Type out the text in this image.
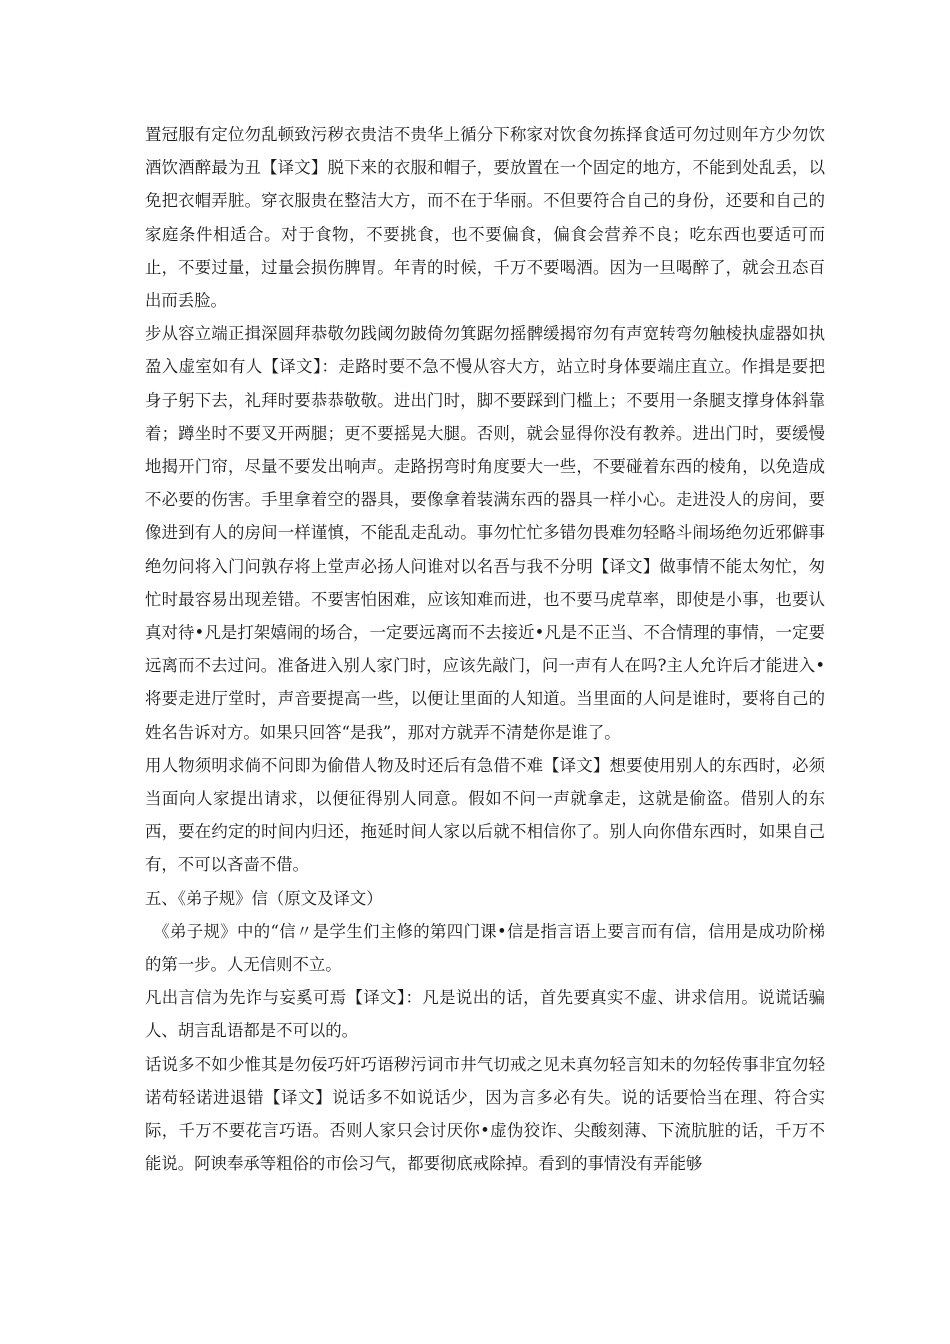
置冠服有定位勿乱顿致污秽衣贵洁不贵华上循分下称家对饮食勿拣择食适可勿过则年方少勿饮酒饮酒醉最为丑【译文】脱下来的衣服和帽子，要放置在一个固定的地方，不能到处乱丢，以免把衣帽弄脏。穿衣服贵在整洁大方，而不在于华丽。不但要符合自己的身份，还要和自己的家庭条件相适合。对于食物，不要挑食，也不要偏食，偏食会营养不良；吃东西也要适可而止，不要过量，过量会损伤脾胃。年青的时候，千万不要喝酒。因为一旦喝醉了，就会丑态百出而丢脸。

步从容立端正揖深圆拜恭敬勿践阈勿跛倚勿箕踞勿摇髀缓揭帘勿有声宽转弯勿触棱执虚器如执盈入虚室如有人【译文】：走路时要不急不慢从容大方，站立时身体要端庄直立。作揖是要把身子躬下去，礼拜时要恭恭敬敬。进出门时，脚不要踩到门槛上；不要用一条腿支撑身体斜靠着；蹲坐时不要叉开两腿；更不要摇晃大腿。否则，就会显得你没有教养。进出门时，要缓慢地揭开门帘，尽量不要发出响声。走路拐弯时角度要大一些，不要碰着东西的棱角，以免造成不必要的伤害。手里拿着空的器具，要像拿着装满东西的器具一样小心。走进没人的房间，要像进到有人的房间一样谨慎，不能乱走乱动。事勿忙忙多错勿畏难勿轻略斗闹场绝勿近邪僻事绝勿问将入门问孰存将上堂声必扬人问谁对以名吾与我不分明【译文】做事情不能太匆忙，匆忙时最容易出现差错。不要害怕困难，应该知难而进，也不要马虎草率，即使是小事，也要认真对待•凡是打架嬉闹的场合，一定要远离而不去接近•凡是不正当、不合情理的事情，一定要远离而不去过问。准备进入别人家门时，应该先敲门，问一声有人在吗?主人允许后才能进入•将要走进厅堂时，声音要提高一些，以便让里面的人知道。当里面的人问是谁时，要将自己的姓名告诉对方。如果只回答“是我”，那对方就弄不清楚你是谁了。

用人物须明求倘不问即为偷借人物及时还后有急借不难【译文】想要使用别人的东西时，必须当面向人家提出请求，以便征得别人同意。假如不问一声就拿走，这就是偷盗。借别人的东西，要在约定的时间内归还，拖延时间人家以后就不相信你了。别人向你借东西时，如果自己有，不可以吝啬不借。

五、《弟子规》信（原文及译文）

《弟子规》中的“信〃是学生们主修的第四门课•信是指言语上要言而有信，信用是成功阶梯的第一步。人无信则不立。

凡出言信为先诈与妄奚可焉【译文】：凡是说出的话，首先要真实不虚、讲求信用。说谎话骗人、胡言乱语都是不可以的。

话说多不如少惟其是勿佞巧奸巧语秽污词市井气切戒之见未真勿轻言知未的勿轻传事非宜勿轻诺苟轻诺进退错【译文】说话多不如说话少，因为言多必有失。说的话要恰当在理、符合实际，千万不要花言巧语。否则人家只会讨厌你•虚伪狡诈、尖酸刻薄、下流肮脏的话，千万不能说。阿谀奉承等粗俗的市侩习气，都要彻底戒除掉。看到的事情没有弄能够
